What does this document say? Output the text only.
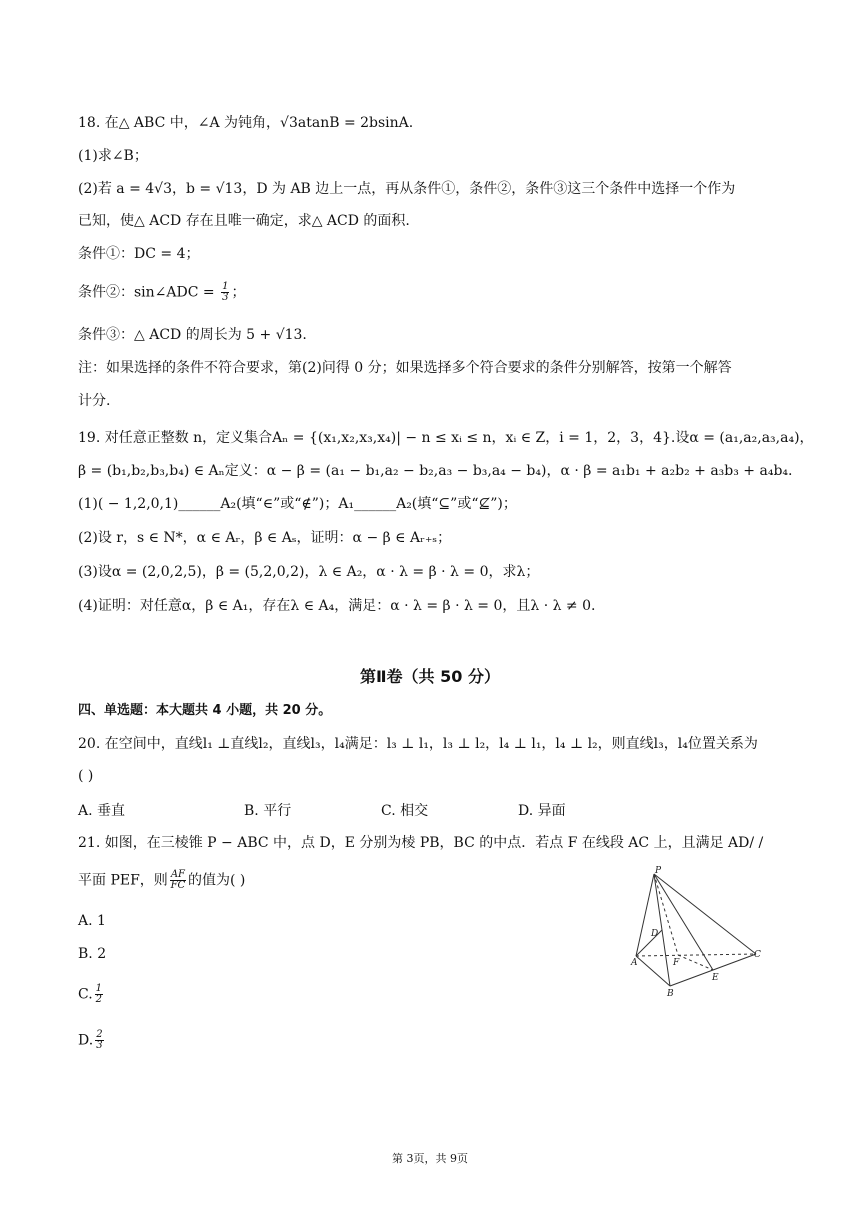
18. 在△ ABC 中，∠A 为钝角，√3atanB = 2bsinA.
(1)求∠B；
(2)若 a = 4√3，b = √13，D 为 AB 边上一点，再从条件①，条件②，条件③这三个条件中选择一个作为
已知，使△ ACD 存在且唯一确定，求△ ACD 的面积.
条件①：DC = 4；
条件②：sin∠ADC = $\frac{1}{3}$ ；
条件③：△ ACD 的周长为 5 + √13.
注：如果选择的条件不符合要求，第(2)问得 0 分；如果选择多个符合要求的条件分别解答，按第一个解答
计分.
19. 对任意正整数 n，定义集合Aₙ = {(x₁,x₂,x₃,x₄)| − n ≤ xᵢ ≤ n，xᵢ ∈ Z，i = 1，2，3，4}.设α = (a₁,a₂,a₃,a₄)，
β = (b₁,b₂,b₃,b₄) ∈ Aₙ定义：α − β = (a₁ − b₁,a₂ − b₂,a₃ − b₃,a₄ − b₄)，α · β = a₁b₁ + a₂b₂ + a₃b₃ + a₄b₄.
(1)( − 1,2,0,1)______A₂(填“∈”或“∉”)；A₁______A₂(填“⊆”或“⊈”)；
(2)设 r，s ∈ N*，α ∈ Aᵣ，β ∈ Aₛ，证明：α − β ∈ Aᵣ₊ₛ；
(3)设α = (2,0,2,5)，β = (5,2,0,2)，λ ∈ A₂，α · λ = β · λ = 0，求λ；
(4)证明：对任意α，β ∈ A₁，存在λ ∈ A₄，满足：α · λ = β · λ = 0，且λ · λ ≠ 0.
第Ⅱ卷（共 50 分）
四、单选题：本大题共 4 小题，共 20 分。
20. 在空间中，直线l₁ ⊥直线l₂，直线l₃，l₄满足：l₃ ⊥ l₁，l₃ ⊥ l₂，l₄ ⊥ l₁，l₄ ⊥ l₂，则直线l₃，l₄位置关系为
( )
A. 垂直	B. 平行	C. 相交	D. 异面
21. 如图，在三棱锥 P − ABC 中，点 D，E 分别为棱 PB，BC 的中点．若点 F 在线段 AC 上，且满足 AD/ /
平面 PEF，则 $\frac{AF}{FC}$ 的值为( )
A. 1
B. 2
C. $\frac{1}{2}$
D. $\frac{2}{3}$
P
D
A	F
E
C
B
第 3页，共 9页
